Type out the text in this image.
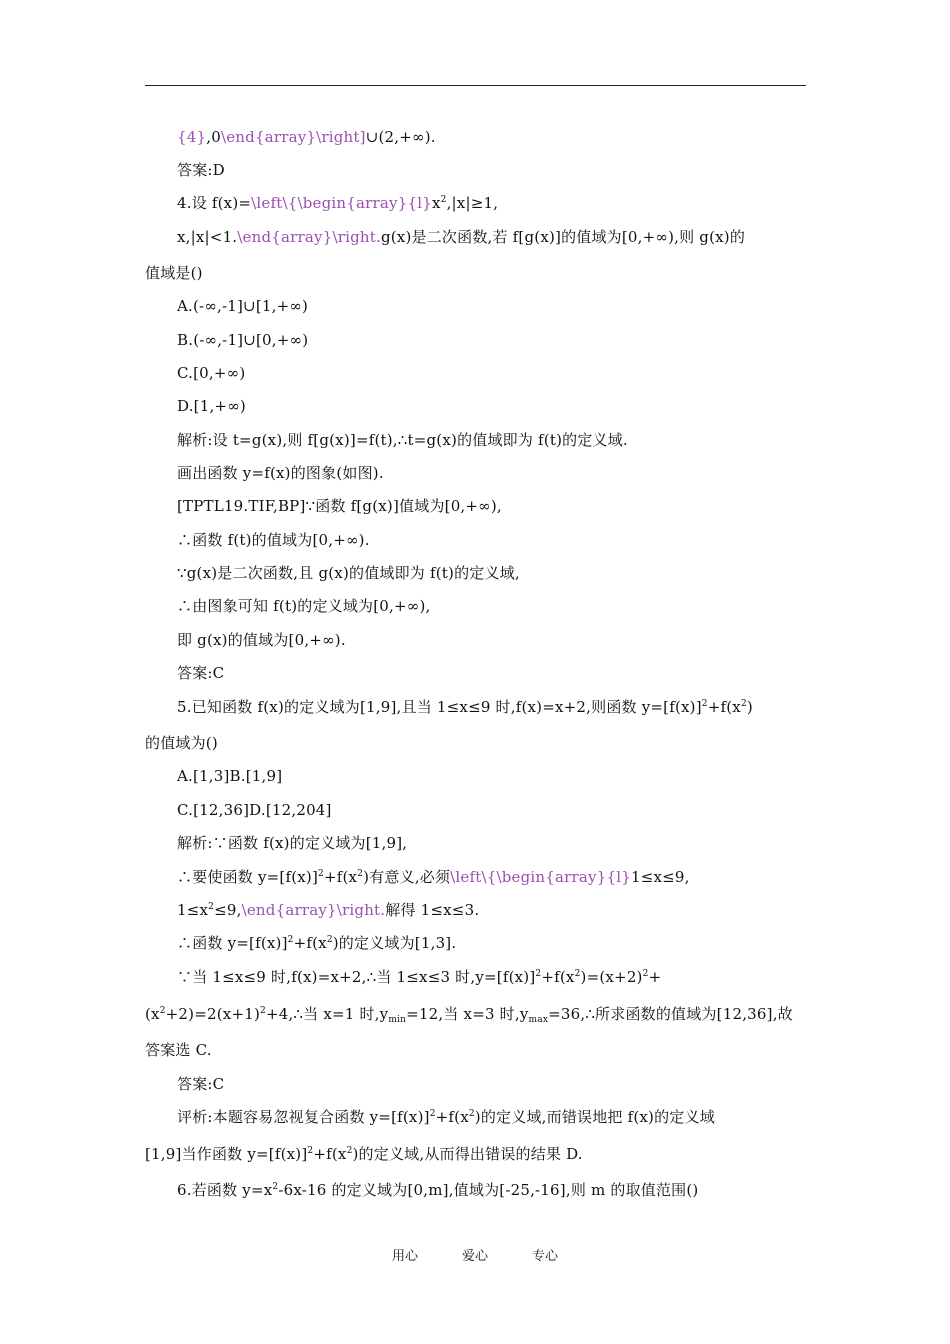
{4},0\end{array}\right]∪(2,+∞).
答案:D
4.设 $f(x)=\backslash left\backslash\{\backslash begin\{array\}\{l\}x^2,|x|\ge 1$,
x,|x|<1.\end{array}\right.g(x)是二次函数,若 f[g(x)]的值域为[0,+∞),则 g(x)的
值域是()
A.(-∞,-1]∪[1,+∞)
B.(-∞,-1]∪[0,+∞)
C.[0,+∞)
D.[1,+∞)
解析:设 t=g(x),则 f[g(x)]=f(t),∴t=g(x)的值域即为 f(t)的定义域.
画出函数 y=f(x)的图象(如图).
[TPTL19.TIF,BP]∵函数 f[g(x)]值域为[0,+∞),
∴函数 f(t)的值域为[0,+∞).
∵g(x)是二次函数,且 g(x)的值域即为 f(t)的定义域,
∴由图象可知 f(t)的定义域为[0,+∞),
即 g(x)的值域为[0,+∞).
答案:C
5.已知函数 f(x)的定义域为[1,9],且当 1≤x≤9 时,f(x)=x+2,则函数 $y=[f(x)]^2+f(x^2)$
的值域为()
A.[1,3]B.[1,9]
C.[12,36]D.[12,204]
解析:∵函数 f(x)的定义域为[1,9],
∴要使函数 $y=[f(x)]^2+f(x^2)$有意义,必须\left\{\begin{array}{l}1≤x≤9,
$1\le x^2\le 9,\backslash end\{array\}\backslash right$.解得 1≤x≤3.
∴函数 $y=[f(x)]^2+f(x^2)$的定义域为[1,3].
∵当 1≤x≤9 时,f(x)=x+2,∴当 1≤x≤3 时$,y=[f(x)]^2+f(x^2)=(x+2)^2+$
$(x^2+2)=2(x+1)^2+4,\therefore$当 x=1 时$,y_{min}=12$,当 x=3 时$,y_{max}=36,\therefore$所求函数的值域为[12,36],故
答案选 C.
答案:C
评析:本题容易忽视复合函数 $y=[f(x)]^2+f(x^2)$的定义域,而错误地把 f(x)的定义域
[1,9]当作函数 $y=[f(x)]^2+f(x^2)$的定义域,从而得出错误的结果 D.
6.若函数 $y=x^2-6x-16$ 的定义域为[0,m],值域为[-25,-16],则 m 的取值范围()
用心	爱心	专心
